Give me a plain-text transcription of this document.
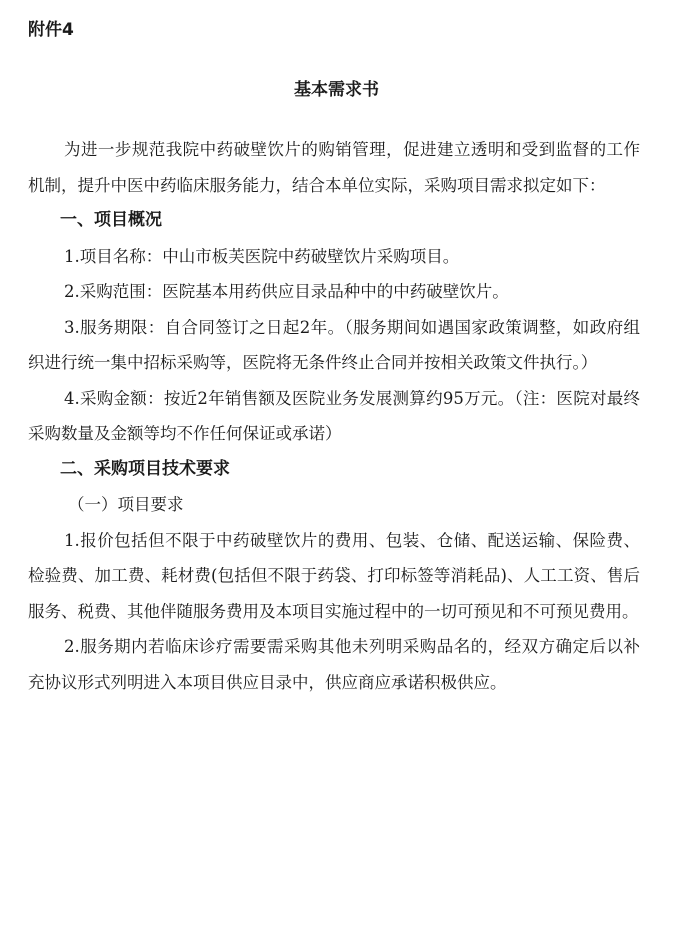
附件4
基本需求书

为进一步规范我院中药破壁饮片的购销管理，促进建立透明和受到监督的工作机制，提升中医中药临床服务能力，结合本单位实际，采购项目需求拟定如下：

一、项目概况

1.项目名称：中山市板芙医院中药破壁饮片采购项目。

2.采购范围：医院基本用药供应目录品种中的中药破壁饮片。

3.服务期限：自合同签订之日起2年。（服务期间如遇国家政策调整，如政府组织进行统一集中招标采购等，医院将无条件终止合同并按相关政策文件执行。）

4.采购金额：按近2年销售额及医院业务发展测算约95万元。（注：医院对最终采购数量及金额等均不作任何保证或承诺）

二、采购项目技术要求

（一）项目要求

1.报价包括但不限于中药破壁饮片的费用、包装、仓储、配送运输、保险费、检验费、加工费、耗材费(包括但不限于药袋、打印标签等消耗品)、人工工资、售后服务、税费、其他伴随服务费用及本项目实施过程中的一切可预见和不可预见费用。

2.服务期内若临床诊疗需要需采购其他未列明采购品名的，经双方确定后以补充协议形式列明进入本项目供应目录中，供应商应承诺积极供应。
